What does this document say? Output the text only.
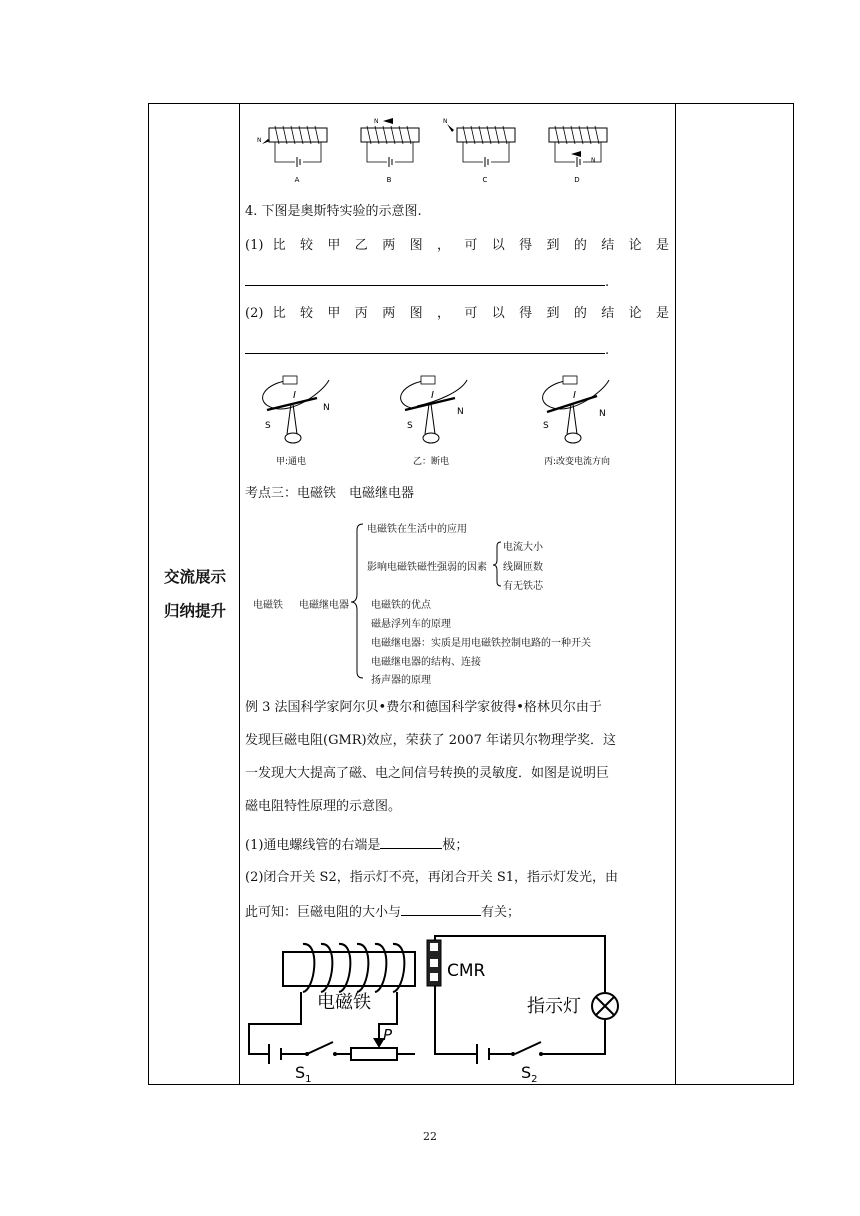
交流展示
归纳提升
A	B	C	D
N
N	N
N
4. 下图是奥斯特实验的示意图.
(1) 比 较 甲 乙 两 图 ， 可 以 得 到 的 结 论 是
.
(2) 比 较 甲 丙 两 图 ， 可 以 得 到 的 结 论 是
.
I
N
S
甲:通电
I
N
S
乙：断电
I
N
S
丙:改变电流方向
考点三：电磁铁　电磁继电器
电磁铁 电磁继电器
电磁铁在生活中的应用
影响电磁铁磁性强弱的因素
电流大小
线圈匝数
有无铁芯
电磁铁的优点
磁悬浮列车的原理
电磁继电器：实质是用电磁铁控制电路的一种开关
电磁继电器的结构、连接
扬声器的原理
例 3 法国科学家阿尔贝•费尔和德国科学家彼得•格林贝尔由于
发现巨磁电阻(GMR)效应，荣获了 2007 年诺贝尔物理学奖．这
一发现大大提高了磁、电之间信号转换的灵敏度．如图是说明巨
磁电阻特性原理的示意图。
(1)通电螺线管的右端是	极；
(2)闭合开关 S2，指示灯不亮，再闭合开关 S1，指示灯发光，由
此可知：巨磁电阻的大小与	有关；
电磁铁
P
$S_1$
CMR
指示灯
$S_2$
22
